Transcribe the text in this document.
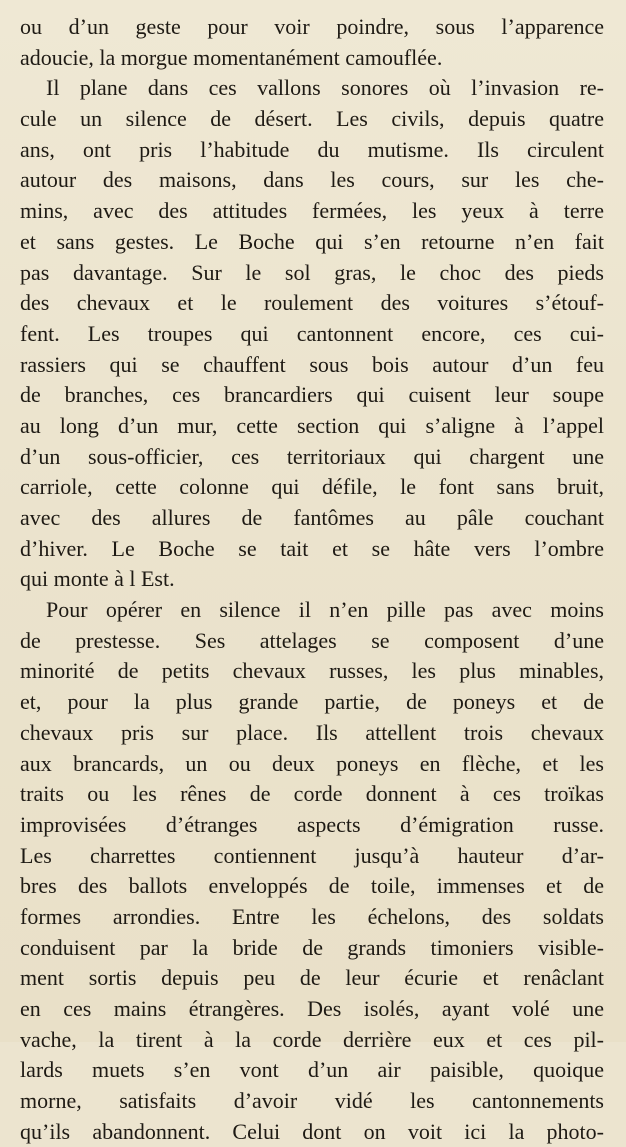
ou d’un geste pour voir poindre, sous l’apparence
adoucie, la morgue momentanément camouflée.
Il plane dans ces vallons sonores où l’invasion re-
cule un silence de désert. Les civils, depuis quatre
ans, ont pris l’habitude du mutisme. Ils circulent
autour des maisons, dans les cours, sur les che-
mins, avec des attitudes fermées, les yeux à terre
et sans gestes. Le Boche qui s’en retourne n’en fait
pas davantage. Sur le sol gras, le choc des pieds
des chevaux et le roulement des voitures s’étouf-
fent. Les troupes qui cantonnent encore, ces cui-
rassiers qui se chauffent sous bois autour d’un feu
de branches, ces brancardiers qui cuisent leur soupe
au long d’un mur, cette section qui s’aligne à l’appel
d’un sous-officier, ces territoriaux qui chargent une
carriole, cette colonne qui défile, le font sans bruit,
avec des allures de fantômes au pâle couchant
d’hiver. Le Boche se tait et se hâte vers l’ombre
qui monte à l Est.
Pour opérer en silence il n’en pille pas avec moins
de prestesse. Ses attelages se composent d’une
minorité de petits chevaux russes, les plus minables,
et, pour la plus grande partie, de poneys et de
chevaux pris sur place. Ils attellent trois chevaux
aux brancards, un ou deux poneys en flèche, et les
traits ou les rênes de corde donnent à ces troïkas
improvisées d’étranges aspects d’émigration russe.
Les charrettes contiennent jusqu’à hauteur d’ar-
bres des ballots enveloppés de toile, immenses et de
formes arrondies. Entre les échelons, des soldats
conduisent par la bride de grands timoniers visible-
ment sortis depuis peu de leur écurie et renâclant
en ces mains étrangères. Des isolés, ayant volé une
vache, la tirent à la corde derrière eux et ces pil-
lards muets s’en vont d’un air paisible, quoique
morne, satisfaits d’avoir vidé les cantonnements
qu’ils abandonnent. Celui dont on voit ici la photo-
